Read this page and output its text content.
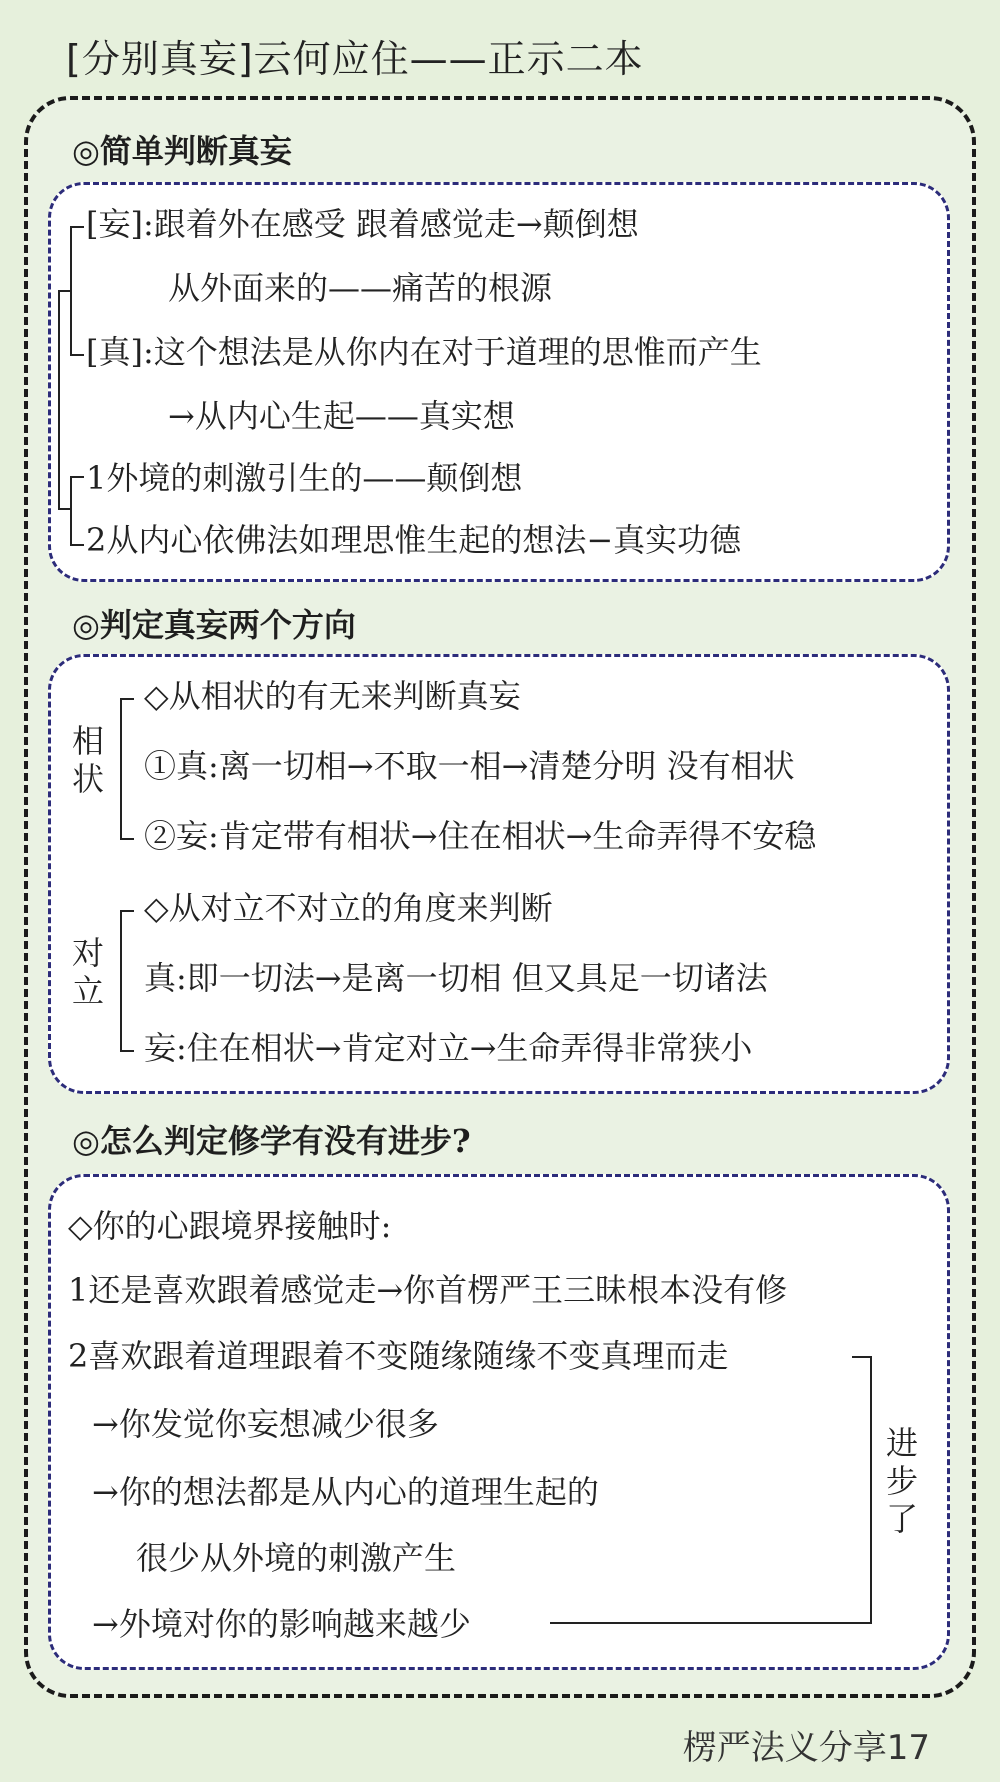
[分别真妄]云何应住——正示二本
◎简单判断真妄
[妄]:跟着外在感受 跟着感觉走→颠倒想
从外面来的——痛苦的根源
[真]:这个想法是从你内在对于道理的思惟而产生
→从内心生起——真实想
1外境的刺激引生的——颠倒想
2从内心依佛法如理思惟生起的想法−真实功德
◎判定真妄两个方向
相状
◇从相状的有无来判断真妄
①真:离一切相→不取一相→清楚分明 没有相状
②妄:肯定带有相状→住在相状→生命弄得不安稳
对立
◇从对立不对立的角度来判断
真:即一切法→是离一切相 但又具足一切诸法
妄:住在相状→肯定对立→生命弄得非常狭小
◎怎么判定修学有没有进步?
◇你的心跟境界接触时:
1还是喜欢跟着感觉走→你首楞严王三昧根本没有修
2喜欢跟着道理跟着不变随缘随缘不变真理而走
→你发觉你妄想减少很多
→你的想法都是从内心的道理生起的
很少从外境的刺激产生
→外境对你的影响越来越少
进步了
楞严法义分享17
